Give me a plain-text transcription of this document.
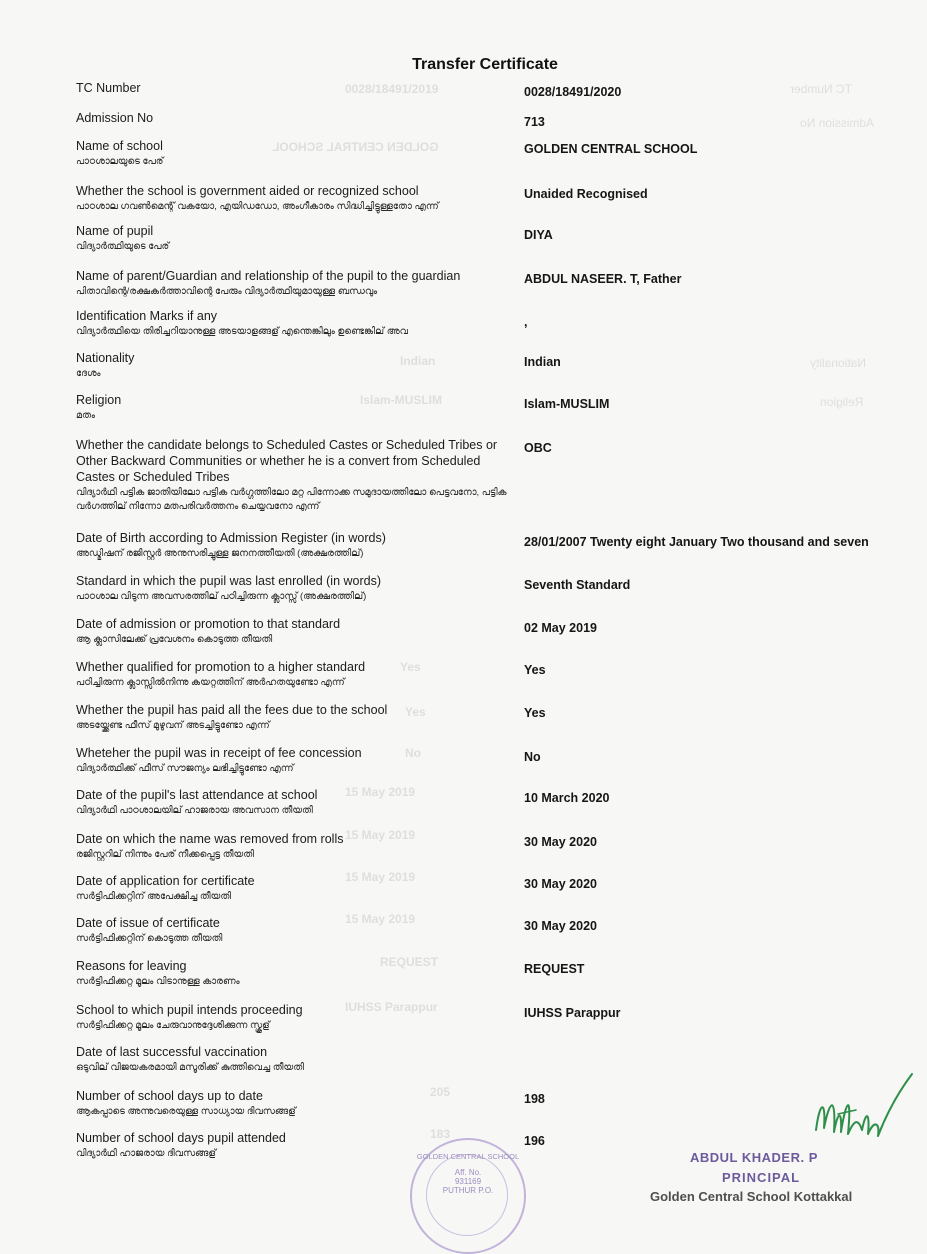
0028/18491/2019
GOLDEN CENTRAL SCHOOL
TC Number
Admission No
Religion
Nationality
Indian
Islam-MUSLIM
Yes
Yes
No
15 May 2019
15 May 2019
15 May 2019
15 May 2019
REQUEST
IUHSS Parappur
205
183
Transfer Certificate
TC Number	0028/18491/2020
Admission No	713
Name of school
പാഠശാലയുടെ പേര്
GOLDEN CENTRAL SCHOOL
Whether the school is government aided or recognized school
പാഠശാല ഗവൺമെന്റ് വകയോ, എയിഡഡോ, അംഗീകാരം സിദ്ധിച്ചിട്ടുള്ളതോ എന്ന്
Unaided Recognised
Name of pupil
വിദ്യാർത്ഥിയുടെ പേര്
DIYA
Name of parent/Guardian and relationship of the pupil to the guardian
പിതാവിന്റെ/രക്ഷകർത്താവിന്റെ പേരും വിദ്യാർത്ഥിയുമായുള്ള ബന്ധവും
ABDUL NASEER. T, Father
Identification Marks if any
വിദ്യാർത്ഥിയെ തിരിച്ചറിയാനുള്ള അടയാളങ്ങള് എന്തെങ്കിലും ഉണ്ടെങ്കില് അവ
,
Nationality
ദേശം
Indian
Religion
മതം
Islam-MUSLIM
Whether the candidate belongs to Scheduled Castes or Scheduled Tribes or Other Backward Communities or whether he is a convert from Scheduled Castes or Scheduled Tribes
വിദ്യാർഥി പട്ടിക ജാതിയിലോ പട്ടിക വർഗ്ഗത്തിലോ മറ്റ പിന്നോക്ക സമുദായത്തിലോ പെട്ടവനോ, പട്ടിക വർഗത്തില് നിന്നോ മതപരിവർത്തനം ചെയ്യവനോ എന്ന്
OBC
Date of Birth according to Admission Register (in words)
അഡ്മിഷന് രജിസ്റ്റർ അനുസരിച്ചുള്ള ജനനത്തീയതി (അക്ഷരത്തില്)
28/01/2007 Twenty eight January Two thousand and seven
Standard in which the pupil was last enrolled (in words)
പാഠശാല വിടുന്ന അവസരത്തില് പഠിച്ചിരുന്ന ക്ലാസ്സ് (അക്ഷരത്തില്)
Seventh Standard
Date of admission or promotion to that standard
ആ ക്ലാസിലേക്ക് പ്രവേശനം കൊടുത്ത തീയതി
02 May 2019
Whether qualified for promotion to a higher standard
പഠിച്ചിരുന്ന ക്ലാസ്സിൽനിന്നു കയറ്റത്തിന് അർഹതയുണ്ടോ എന്ന്
Yes
Whether the pupil has paid all the fees due to the school
അടയ്ക്കേണ്ട ഫീസ് മുഴുവന് അടച്ചിട്ടുണ്ടോ എന്ന്
Yes
Wheteher the pupil was in receipt of fee concession
വിദ്യാർത്ഥിക്ക് ഫീസ് സൗജന്യം ലഭിച്ചിട്ടുണ്ടോ എന്ന്
No
Date of the pupil's last attendance at school
വിദ്യാർഥി പാഠശാലയില് ഹാജരായ അവസാന തീയതി
10 March 2020
Date on which the name was removed from rolls
രജിസ്റ്ററില് നിന്നും പേര് നീക്കപ്പെട്ട തീയതി
30 May 2020
Date of application for certificate
സർട്ടിഫിക്കറ്റിന് അപേക്ഷിച്ച തീയതി
30 May 2020
Date of issue of certificate
സർട്ടിഫിക്കറ്റിന് കൊടുത്ത തീയതി
30 May 2020
Reasons for leaving
സർട്ടിഫിക്കറ്റ മൂലം വിടാനുള്ള കാരണം
REQUEST
School to which pupil intends proceeding
സർട്ടിഫിക്കറ്റ മൂലം ചേരുവാനുദ്ദേശിക്കുന്ന സ്കൂള്
IUHSS Parappur
Date of last successful vaccination
ഒടുവില് വിജയകരമായി മസൂരിക്ക് കുത്തിവെച്ച തീയതി
Number of school days up to date
ആകപ്പാടെ അന്നുവരെയുള്ള സാധ്യായ ദിവസങ്ങള്
198
Number of school days pupil attended
വിദ്യാർഥി ഹാജരായ ദിവസങ്ങള്
196
GOLDEN CENTRAL SCHOOL
Aff. No.
931169
PUTHUR P.O.
ABDUL KHADER. P
PRINCIPAL
Golden Central School Kottakkal
